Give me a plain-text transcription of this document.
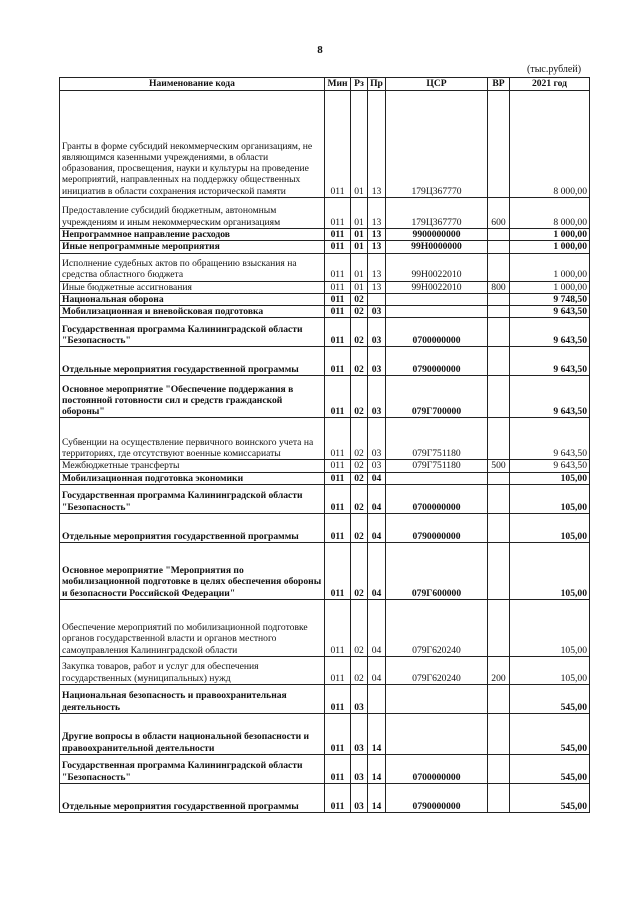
8
(тыс.рублей)
Наименование кода	Мин	Рз	Пр	ЦСР	ВР	2021 год
Гранты в форме субсидий некоммерческим организациям, не являющимся казенными учреждениями, в области образования, просвещения, науки и культуры на проведение мероприятий, направленных на поддержку общественных инициатив в области сохранения исторической памяти	011	01	13	179Ц367770		8 000,00
Предоставление субсидий бюджетным, автономным учреждениям и иным некоммерческим организациям	011	01	13	179Ц367770	600	8 000,00
Непрограммное направление расходов	011	01	13	9900000000		1 000,00
Иные непрограммные мероприятия	011	01	13	99Н0000000		1 000,00
Исполнение судебных актов по обращению взыскания на средства областного бюджета	011	01	13	99Н0022010		1 000,00
Иные бюджетные ассигнования	011	01	13	99Н0022010	800	1 000,00
Национальная оборона	011	02				9 748,50
Мобилизационная и вневойсковая подготовка	011	02	03			9 643,50
Государственная программа Калининградской области "Безопасность"	011	02	03	0700000000		9 643,50
Отдельные мероприятия государственной программы	011	02	03	0790000000		9 643,50
Основное мероприятие "Обеспечение поддержания в постоянной готовности сил и средств гражданской обороны"	011	02	03	079Г700000		9 643,50
Субвенции на осуществление первичного воинского учета на территориях, где отсутствуют военные комиссариаты	011	02	03	079Г751180		9 643,50
Межбюджетные трансферты	011	02	03	079Г751180	500	9 643,50
Мобилизационная подготовка экономики	011	02	04			105,00
Государственная программа Калининградской области "Безопасность"	011	02	04	0700000000		105,00
Отдельные мероприятия государственной программы	011	02	04	0790000000		105,00
Основное мероприятие "Мероприятия по мобилизационной подготовке в целях обеспечения обороны и безопасности Российской Федерации"	011	02	04	079Г600000		105,00
Обеспечение мероприятий по мобилизационной подготовке органов государственной власти и органов местного самоуправления Калининградской области	011	02	04	079Г620240		105,00
Закупка товаров, работ и услуг для обеспечения государственных (муниципальных) нужд	011	02	04	079Г620240	200	105,00
Национальная безопасность и правоохранительная деятельность	011	03				545,00
Другие вопросы в области национальной безопасности и правоохранительной деятельности	011	03	14			545,00
Государственная программа Калининградской области "Безопасность"	011	03	14	0700000000		545,00
Отдельные мероприятия государственной программы	011	03	14	0790000000		545,00
